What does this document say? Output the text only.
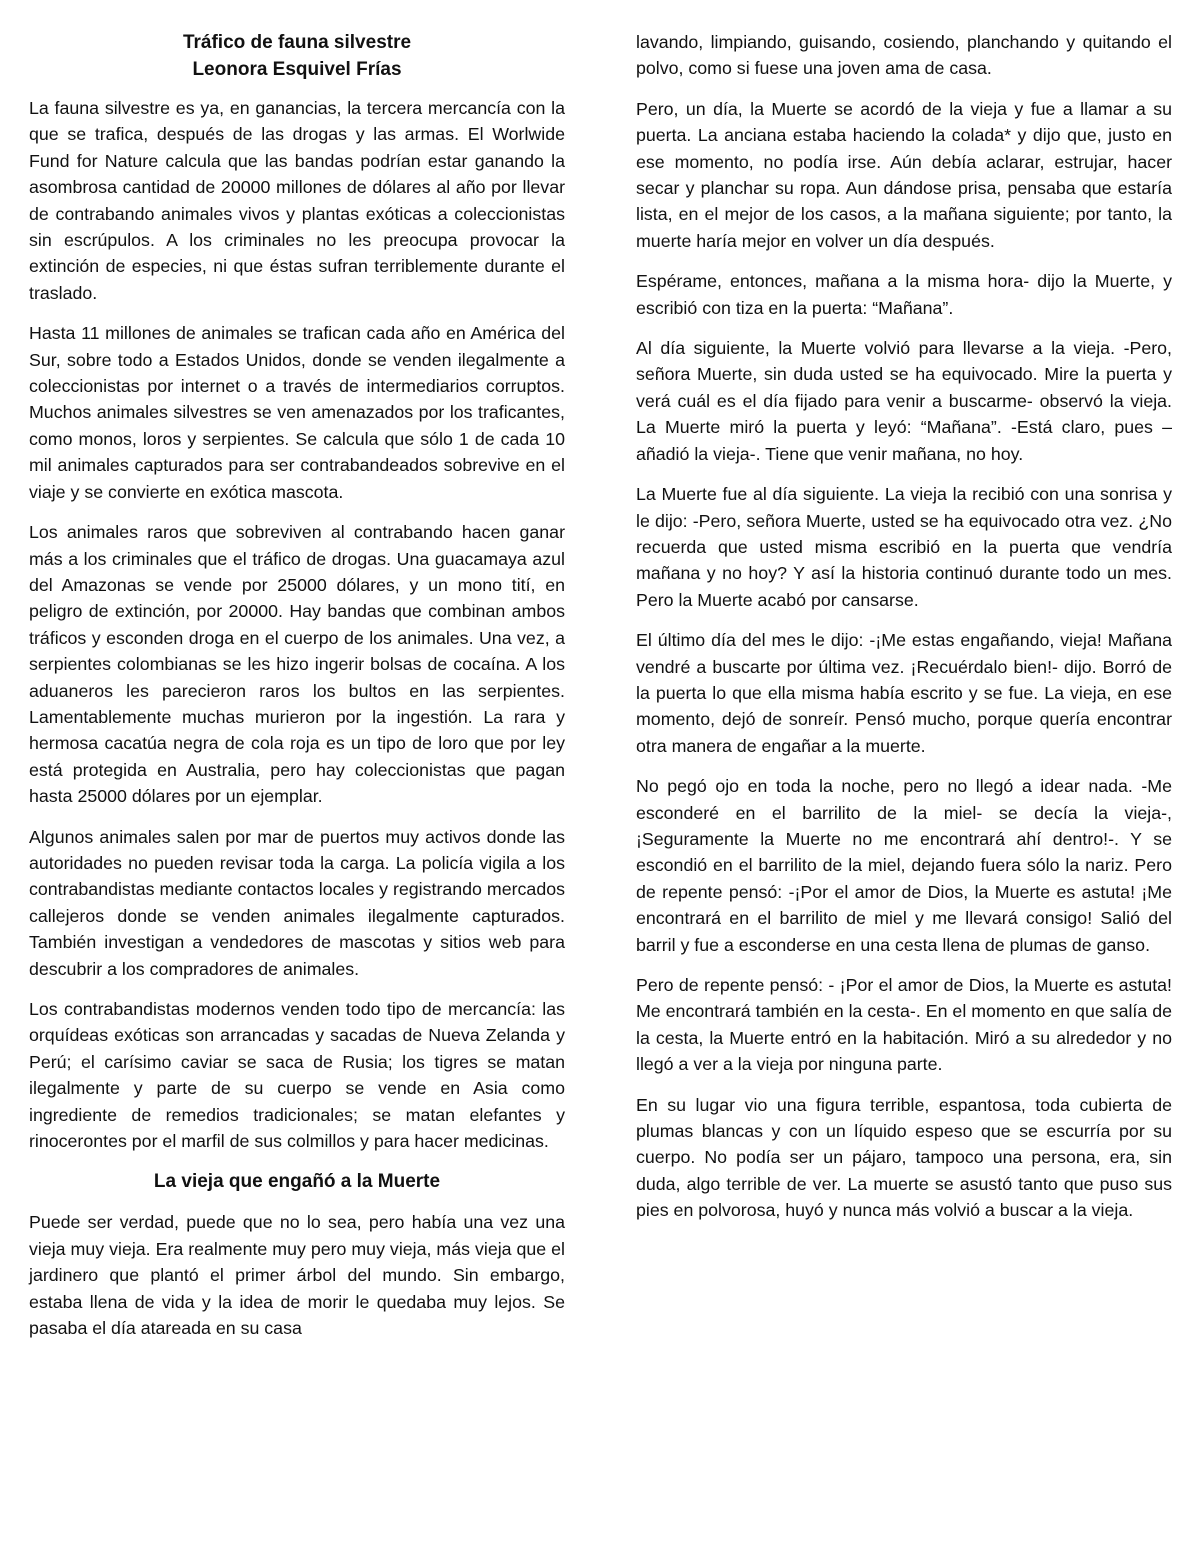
Tráfico de fauna silvestre
Leonora Esquivel Frías

La fauna silvestre es ya, en ganancias, la tercera mercancía con la que se trafica, después de las drogas y las armas. El Worlwide Fund for Nature calcula que las bandas podrían estar ganando la asombrosa cantidad de 20000 millones de dólares al año por llevar de contrabando animales vivos y plantas exóticas a coleccionistas sin escrúpulos. A los criminales no les preocupa provocar la extinción de especies, ni que éstas sufran terriblemente durante el traslado.

Hasta 11 millones de animales se trafican cada año en América del Sur, sobre todo a Estados Unidos, donde se venden ilegalmente a coleccionistas por internet o a través de intermediarios corruptos. Muchos animales silvestres se ven amenazados por los traficantes, como monos, loros y serpientes. Se calcula que sólo 1 de cada 10 mil animales capturados para ser contrabandeados sobrevive en el viaje y se convierte en exótica mascota.

Los animales raros que sobreviven al contrabando hacen ganar más a los criminales que el tráfico de drogas. Una guacamaya azul del Amazonas se vende por 25000 dólares, y un mono tití, en peligro de extinción, por 20000. Hay bandas que combinan ambos tráficos y esconden droga en el cuerpo de los animales. Una vez, a serpientes colombianas se les hizo ingerir bolsas de cocaína. A los aduaneros les parecieron raros los bultos en las serpientes. Lamentablemente muchas murieron por la ingestión. La rara y hermosa cacatúa negra de cola roja es un tipo de loro que por ley está protegida en Australia, pero hay coleccionistas que pagan hasta 25000 dólares por un ejemplar.

Algunos animales salen por mar de puertos muy activos donde las autoridades no pueden revisar toda la carga. La policía vigila a los contrabandistas mediante contactos locales y registrando mercados callejeros donde se venden animales ilegalmente capturados. También investigan a vendedores de mascotas y sitios web para descubrir a los compradores de animales.

Los contrabandistas modernos venden todo tipo de mercancía: las orquídeas exóticas son arrancadas y sacadas de Nueva Zelanda y Perú; el carísimo caviar se saca de Rusia; los tigres se matan ilegalmente y parte de su cuerpo se vende en Asia como ingrediente de remedios tradicionales; se matan elefantes y rinocerontes por el marfil de sus colmillos y para hacer medicinas.

La vieja que engañó a la Muerte

Puede ser verdad, puede que no lo sea, pero había una vez una vieja muy vieja. Era realmente muy pero muy vieja, más vieja que el jardinero que plantó el primer árbol del mundo. Sin embargo, estaba llena de vida y la idea de morir le quedaba muy lejos. Se pasaba el día atareada en su casa

lavando, limpiando, guisando, cosiendo, planchando y quitando el polvo, como si fuese una joven ama de casa.

Pero, un día, la Muerte se acordó de la vieja y fue a llamar a su puerta. La anciana estaba haciendo la colada* y dijo que, justo en ese momento, no podía irse. Aún debía aclarar, estrujar, hacer secar y planchar su ropa. Aun dándose prisa, pensaba que estaría lista, en el mejor de los casos, a la mañana siguiente; por tanto, la muerte haría mejor en volver un día después.

Espérame, entonces, mañana a la misma hora- dijo la Muerte, y escribió con tiza en la puerta: “Mañana”.

Al día siguiente, la Muerte volvió para llevarse a la vieja. -Pero, señora Muerte, sin duda usted se ha equivocado. Mire la puerta y verá cuál es el día fijado para venir a buscarme- observó la vieja. La Muerte miró la puerta y leyó: “Mañana”. -Está claro, pues –añadió la vieja-. Tiene que venir mañana, no hoy.

La Muerte fue al día siguiente. La vieja la recibió con una sonrisa y le dijo: -Pero, señora Muerte, usted se ha equivocado otra vez. ¿No recuerda que usted misma escribió en la puerta que vendría mañana y no hoy? Y así la historia continuó durante todo un mes. Pero la Muerte acabó por cansarse.

El último día del mes le dijo: -¡Me estas engañando, vieja! Mañana vendré a buscarte por última vez. ¡Recuérdalo bien!- dijo. Borró de la puerta lo que ella misma había escrito y se fue. La vieja, en ese momento, dejó de sonreír. Pensó mucho, porque quería encontrar otra manera de engañar a la muerte.

No pegó ojo en toda la noche, pero no llegó a idear nada. -Me esconderé en el barrilito de la miel- se decía la vieja-, ¡Seguramente la Muerte no me encontrará ahí dentro!-. Y se escondió en el barrilito de la miel, dejando fuera sólo la nariz. Pero de repente pensó: -¡Por el amor de Dios, la Muerte es astuta! ¡Me encontrará en el barrilito de miel y me llevará consigo! Salió del barril y fue a esconderse en una cesta llena de plumas de ganso.

Pero de repente pensó: - ¡Por el amor de Dios, la Muerte es astuta! Me encontrará también en la cesta-. En el momento en que salía de la cesta, la Muerte entró en la habitación. Miró a su alrededor y no llegó a ver a la vieja por ninguna parte.

En su lugar vio una figura terrible, espantosa, toda cubierta de plumas blancas y con un líquido espeso que se escurría por su cuerpo. No podía ser un pájaro, tampoco una persona, era, sin duda, algo terrible de ver. La muerte se asustó tanto que puso sus pies en polvorosa, huyó y nunca más volvió a buscar a la vieja.
